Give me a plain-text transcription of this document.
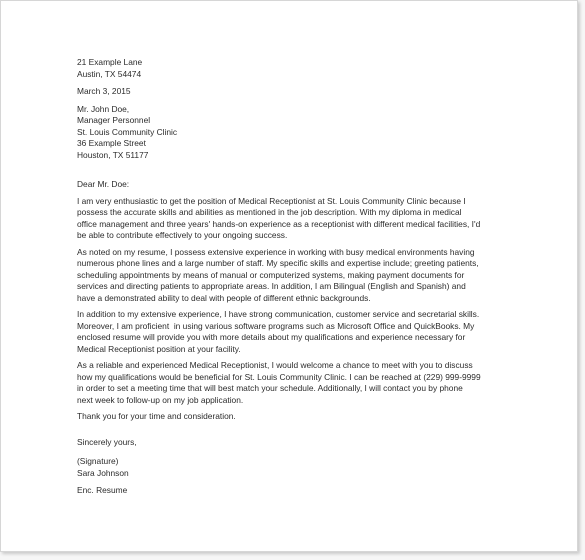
21 Example Lane
Austin, TX 54474
March 3, 2015
Mr. John Doe,
Manager Personnel
St. Louis Community Clinic
36 Example Street
Houston, TX 51177
Dear Mr. Doe:
I am very enthusiastic to get the position of Medical Receptionist at St. Louis Community Clinic because I
possess the accurate skills and abilities as mentioned in the job description. With my diploma in medical
office management and three years' hands-on experience as a receptionist with different medical facilities, I'd
be able to contribute effectively to your ongoing success.
As noted on my resume, I possess extensive experience in working with busy medical environments having
numerous phone lines and a large number of staff. My specific skills and expertise include; greeting patients,
scheduling appointments by means of manual or computerized systems, making payment documents for
services and directing patients to appropriate areas. In addition, I am Bilingual (English and Spanish) and
have a demonstrated ability to deal with people of different ethnic backgrounds.
In addition to my extensive experience, I have strong communication, customer service and secretarial skills.
Moreover, I am proficient  in using various software programs such as Microsoft Office and QuickBooks. My
enclosed resume will provide you with more details about my qualifications and experience necessary for
Medical Receptionist position at your facility.
As a reliable and experienced Medical Receptionist, I would welcome a chance to meet with you to discuss
how my qualifications would be beneficial for St. Louis Community Clinic. I can be reached at (229) 999-9999
in order to set a meeting time that will best match your schedule. Additionally, I will contact you by phone
next week to follow-up on my job application.
Thank you for your time and consideration.
Sincerely yours,
(Signature)
Sara Johnson
Enc. Resume
